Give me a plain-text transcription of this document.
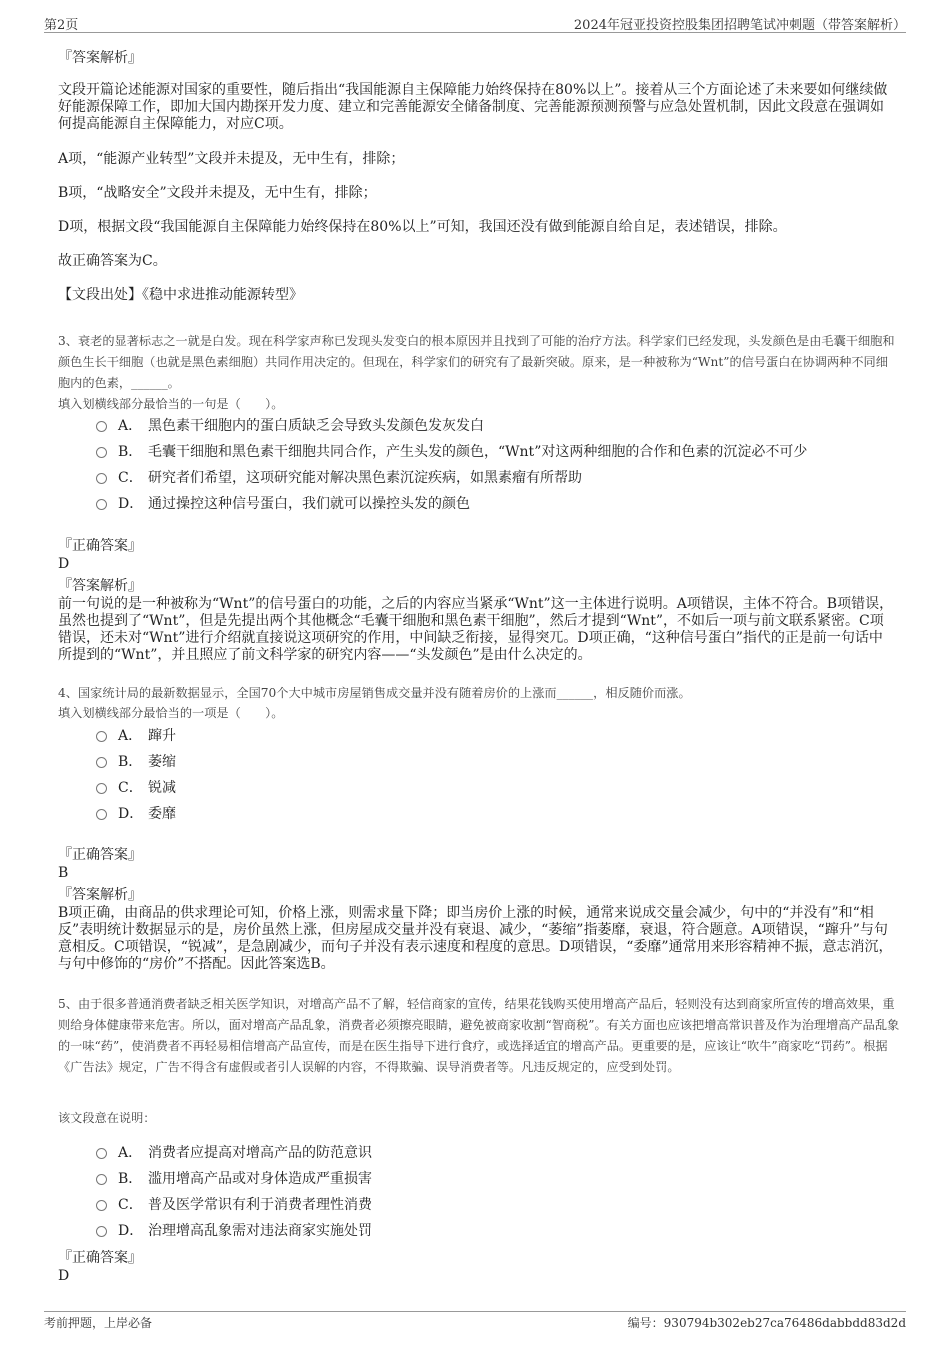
第2页	2024年冠亚投资控股集团招聘笔试冲刺题（带答案解析）
『答案解析』

文段开篇论述能源对国家的重要性，随后指出“我国能源自主保障能力始终保持在80%以上”。接着从三个方面论述了未来要如何继续做好能源保障工作，即加大国内勘探开发力度、建立和完善能源安全储备制度、完善能源预测预警与应急处置机制，因此文段意在强调如何提高能源自主保障能力，对应C项。

A项，“能源产业转型”文段并未提及，无中生有，排除；
B项，“战略安全”文段并未提及，无中生有，排除；
D项，根据文段“我国能源自主保障能力始终保持在80%以上”可知，我国还没有做到能源自给自足，表述错误，排除。
故正确答案为C。
【文段出处】《稳中求进推动能源转型》

3、衰老的显著标志之一就是白发。现在科学家声称已发现头发变白的根本原因并且找到了可能的治疗方法。科学家们已经发现，头发颜色是由毛囊干细胞和颜色生长干细胞（也就是黑色素细胞）共同作用决定的。但现在，科学家们的研究有了最新突破。原来，是一种被称为“Wnt”的信号蛋白在协调两种不同细胞内的色素，______。

填入划横线部分最恰当的一句是（　　）。
A． 黑色素干细胞内的蛋白质缺乏会导致头发颜色发灰发白
B． 毛囊干细胞和黑色素干细胞共同合作，产生头发的颜色，“Wnt”对这两种细胞的合作和色素的沉淀必不可少
C． 研究者们希望，这项研究能对解决黑色素沉淀疾病，如黑素瘤有所帮助
D． 通过操控这种信号蛋白，我们就可以操控头发的颜色
『正确答案』
D
『答案解析』

前一句说的是一种被称为“Wnt”的信号蛋白的功能，之后的内容应当紧承“Wnt”这一主体进行说明。A项错误，主体不符合。B项错误，虽然也提到了“Wnt”，但是先提出两个其他概念“毛囊干细胞和黑色素干细胞”，然后才提到“Wnt”，不如后一项与前文联系紧密。C项错误，还未对“Wnt”进行介绍就直接说这项研究的作用，中间缺乏衔接，显得突兀。D项正确，“这种信号蛋白”指代的正是前一句话中所提到的“Wnt”，并且照应了前文科学家的研究内容——“头发颜色”是由什么决定的。

4、国家统计局的最新数据显示，全国70个大中城市房屋销售成交量并没有随着房价的上涨而______，相反随价而涨。
填入划横线部分最恰当的一项是（　　）。
A． 蹿升
B． 萎缩
C． 锐减
D． 委靡
『正确答案』
B
『答案解析』

B项正确，由商品的供求理论可知，价格上涨，则需求量下降；即当房价上涨的时候，通常来说成交量会减少，句中的“并没有”和“相反”表明统计数据显示的是，房价虽然上涨，但房屋成交量并没有衰退、减少，“萎缩”指萎靡，衰退，符合题意。A项错误，“蹿升”与句意相反。C项错误，“锐减”，是急剧减少，而句子并没有表示速度和程度的意思。D项错误，“委靡”通常用来形容精神不振，意志消沉，与句中修饰的“房价”不搭配。因此答案选B。

5、由于很多普通消费者缺乏相关医学知识，对增高产品不了解，轻信商家的宣传，结果花钱购买使用增高产品后，轻则没有达到商家所宣传的增高效果，重则给身体健康带来危害。所以，面对增高产品乱象，消费者必须擦亮眼睛，避免被商家收割“智商税”。有关方面也应该把增高常识普及作为治理增高产品乱象的一味“药”，使消费者不再轻易相信增高产品宣传，而是在医生指导下进行食疗，或选择适宜的增高产品。更重要的是，应该让“吹牛”商家吃“罚药”。根据《广告法》规定，广告不得含有虚假或者引人误解的内容，不得欺骗、误导消费者等。凡违反规定的，应受到处罚。

该文段意在说明：
A． 消费者应提高对增高产品的防范意识
B． 滥用增高产品或对身体造成严重损害
C． 普及医学常识有利于消费者理性消费
D． 治理增高乱象需对违法商家实施处罚
『正确答案』
D
考前押题，上岸必备	编号：930794b302eb27ca76486dabbdd83d2d
